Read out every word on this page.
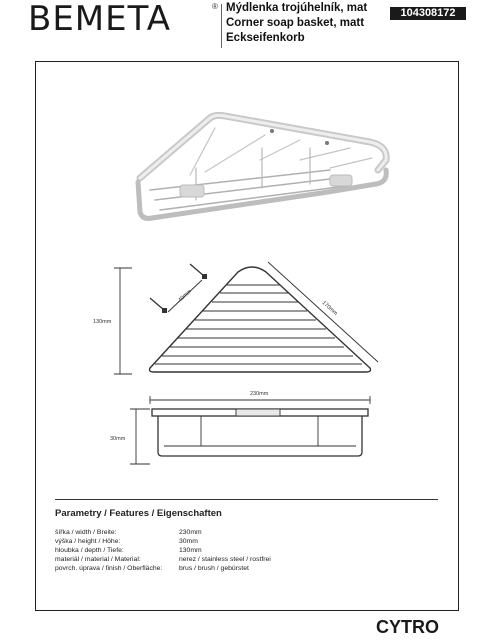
BEMETA	® Mýdlenka trojúhelník, mat
Corner soap basket, matt
Eckseifenkorb
104308172
130mm
40mm
170mm
230mm
30mm
Parametry / Features / Eigenschaften
šířka / width / Breite:	230mm
výška / height / Höhe:	30mm
hloubka / depth / Tiefe:	130mm
materiál / material / Material:	nerez / stainless steel / rostfrei
povrch. úprava / finish / Oberfläche: brus / brush / gebürstet
CYTRO
